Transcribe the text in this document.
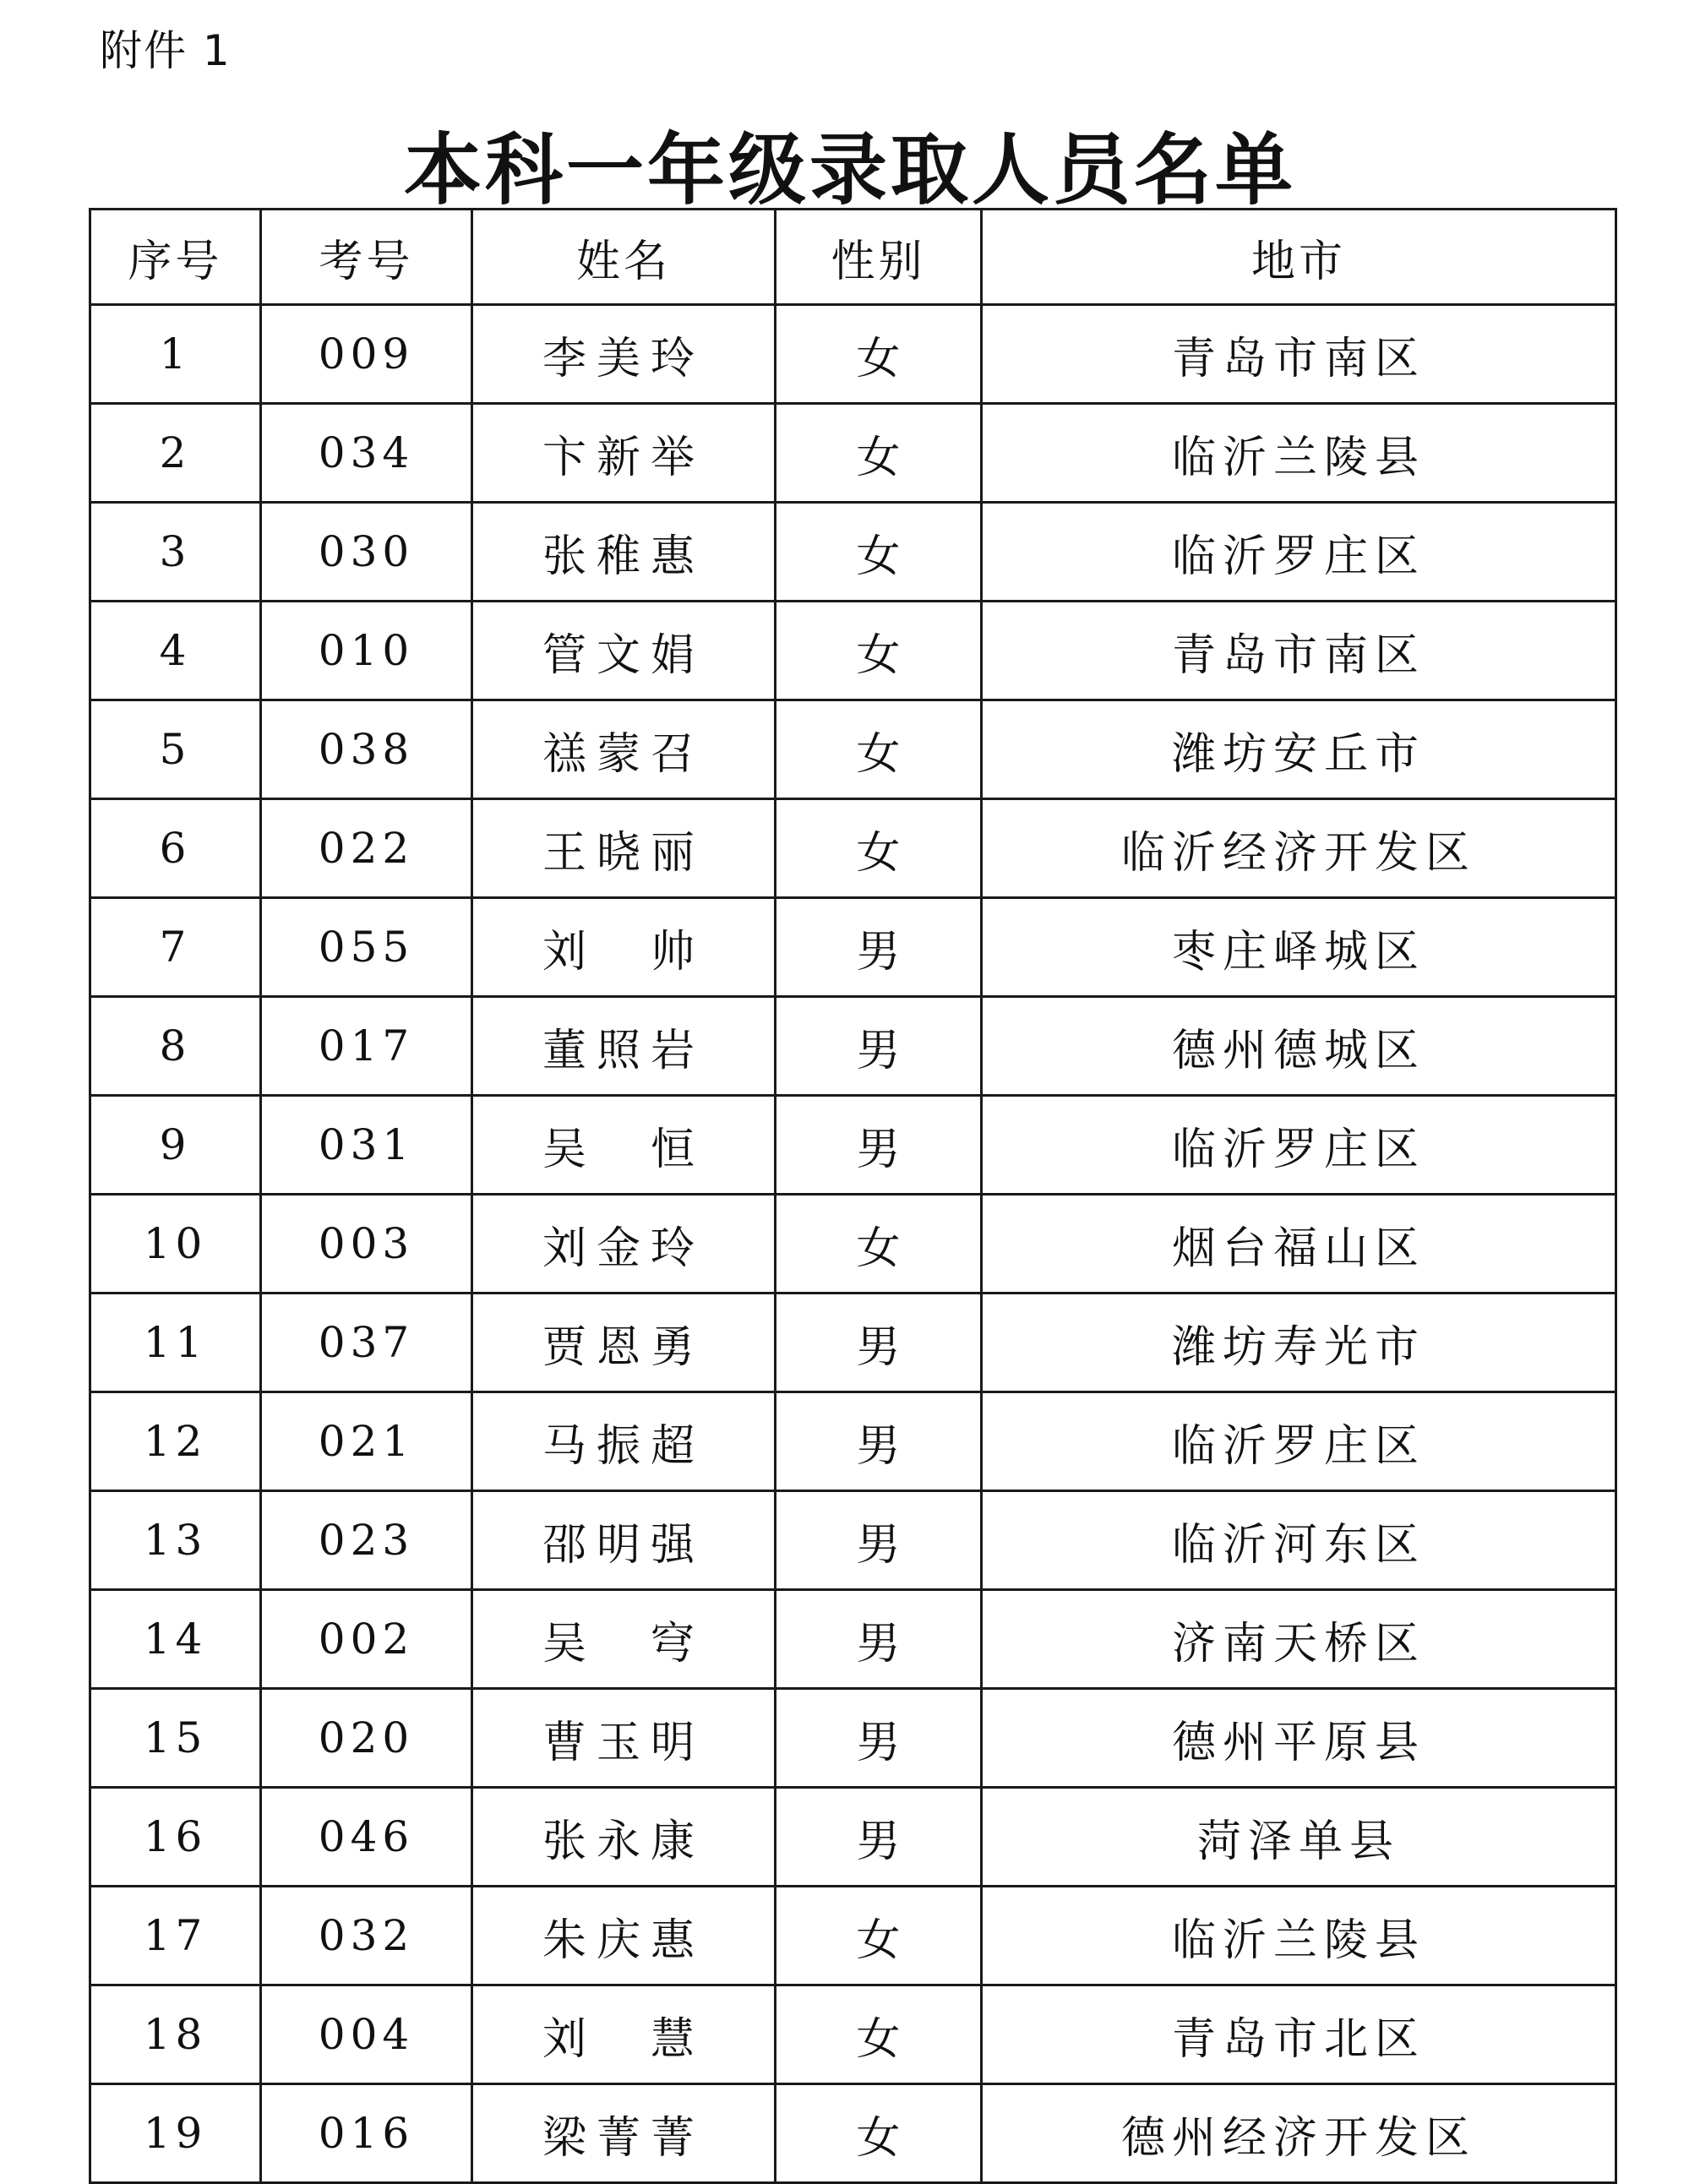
附件 1
本科一年级录取人员名单
序号	考号	姓名	性别	地市
1	009	李美玲	女	青岛市南区
2	034	卞新举	女	临沂兰陵县
3	030	张稚惠	女	临沂罗庄区
4	010	管文娟	女	青岛市南区
5	038	禚蒙召	女	潍坊安丘市
6	022	王晓丽	女	临沂经济开发区
7	055	刘　帅	男	枣庄峄城区
8	017	董照岩	男	德州德城区
9	031	吴　恒	男	临沂罗庄区
10	003	刘金玲	女	烟台福山区
11	037	贾恩勇	男	潍坊寿光市
12	021	马振超	男	临沂罗庄区
13	023	邵明强	男	临沂河东区
14	002	吴　穹	男	济南天桥区
15	020	曹玉明	男	德州平原县
16	046	张永康	男	菏泽单县
17	032	朱庆惠	女	临沂兰陵县
18	004	刘　慧	女	青岛市北区
19	016	梁菁菁	女	德州经济开发区
